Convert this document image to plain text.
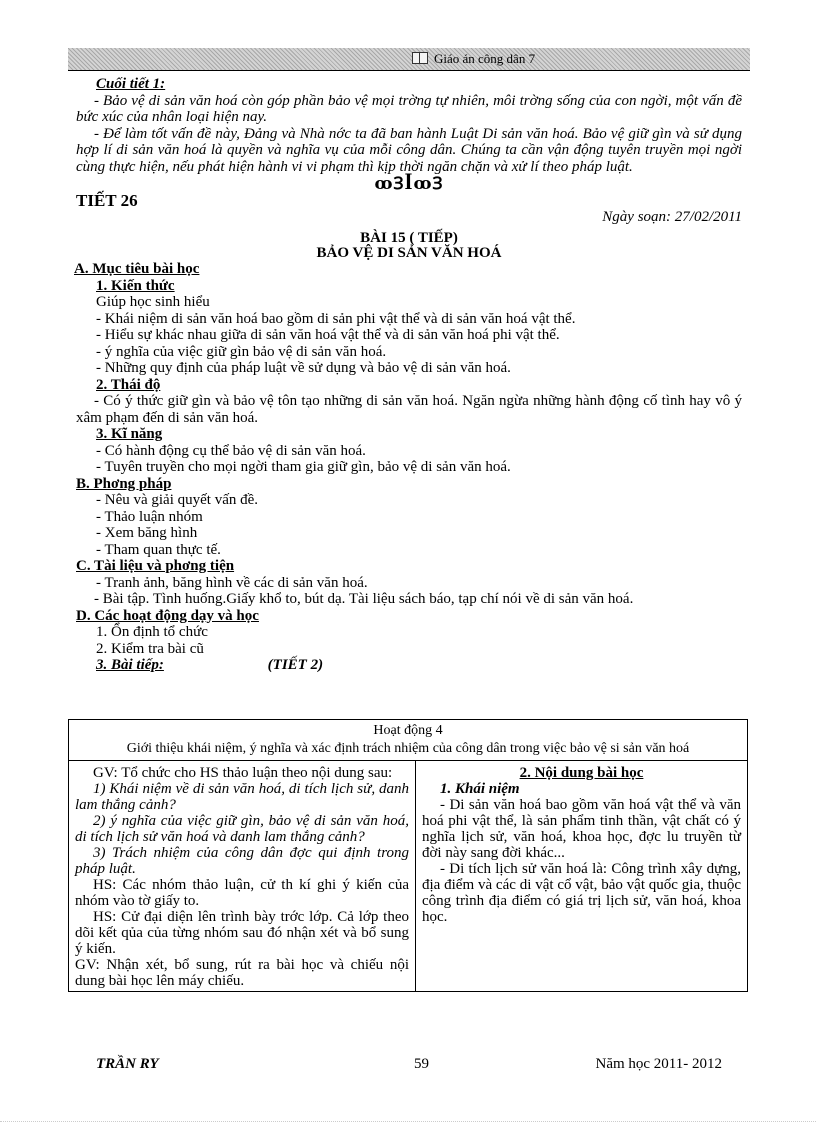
Giáo án công dân 7

Cuối tiết 1:

- Bảo vệ di sản văn hoá còn góp phần bảo vệ mọi trờng tự nhiên, môi trờng sống của con ngời, một vấn đề bức xúc của nhân loại hiện nay.

- Để làm tốt vấn đề này, Đảng và Nhà nớc ta đã ban hành Luật Di sản văn hoá. Bảo vệ giữ gìn và sử dụng hợp lí di sản văn hoá là quyền và nghĩa vụ của mỗi công dân. Chúng ta cần vận động tuyên truyền mọi ngời cùng thực hiện, nếu phát hiện hành vi vi phạm thì kịp thời ngăn chặn và xử lí theo pháp luật.

ꝏꞫꟾꝏꞫ

TIẾT 26

Ngày soạn: 27/02/2011

BÀI 15 ( TIẾP)

BẢO VỆ DI SẢN VĂN HOÁ

A. Mục tiêu bài học

1. Kiến thức

Giúp học sinh hiểu

- Khái niệm di sản văn hoá bao gồm di sản phi vật thể và di sản văn hoá vật thể.

- Hiểu sự khác nhau giữa di sản văn hoá vật thể và di sản văn hoá phi vật thể.

- ý nghĩa của việc giữ gìn bảo vệ di sản văn hoá.

- Những quy định của pháp luật về sử dụng và bảo vệ di sản văn hoá.

2. Thái độ

- Có ý thức giữ gìn và bảo vệ tôn tạo những di sản văn hoá. Ngăn ngừa những hành động cố tình hay vô ý xâm phạm đến di sản văn hoá.

3. Kĩ năng

- Có hành động cụ thể bảo vệ di sản văn hoá.

- Tuyên truyền cho mọi ngời tham gia giữ gìn, bảo vệ di sản văn hoá.

B. Phơng pháp

- Nêu và giải quyết vấn đề.

- Thảo luận nhóm

- Xem băng hình

- Tham quan thực tế.

C. Tài liệu và phơng tiện

- Tranh ảnh, băng hình về các di sản văn hoá.

- Bài tập. Tình huống.Giấy khổ to, bút dạ. Tài liệu sách báo, tạp chí nói về di sản văn hoá.

D. Các hoạt động dạy và học

1. Ổn định tổ chức

2. Kiểm tra bài cũ

3. Bài tiếp:	(TIẾT 2)

Hoạt động 4
Giới thiệu khái niệm, ý nghĩa và xác định trách nhiệm của công dân trong việc bảo vệ si sản văn hoá

GV: Tổ chức cho HS thảo luận theo nội dung sau:

1) Khái niệm về di sản văn hoá, di tích lịch sử, danh lam thắng cảnh?

2) ý nghĩa của việc giữ gìn, bảo vệ di sản văn hoá, di tích lịch sử văn hoá và danh lam thắng cảnh?

3) Trách nhiệm của công dân đợc qui định trong pháp luật.

HS: Các nhóm thảo luận, cử th kí ghi ý kiến của nhóm vào tờ giấy to.

HS: Cử đại diện lên trình bày trớc lớp. Cả lớp theo dõi kết qủa của từng nhóm sau đó nhận xét và bổ sung ý kiến.

GV: Nhận xét, bổ sung, rút ra bài học và chiếu nội dung bài học lên máy chiếu.

2. Nội dung bài học

1. Khái niệm

- Di sản văn hoá bao gồm văn hoá vật thể và văn hoá phi vật thể, là sản phẩm tinh thần, vật chất có ý nghĩa lịch sử, văn hoá, khoa học, đợc lu truyền từ đời này sang đời khác...

- Di tích lịch sử văn hoá là: Công trình xây dựng, địa điểm và các di vật cổ vật, bảo vật quốc gia, thuộc công trình địa điểm có giá trị lịch sử, văn hoá, khoa học.

TRẦN RY	59	Năm học 2011- 2012
